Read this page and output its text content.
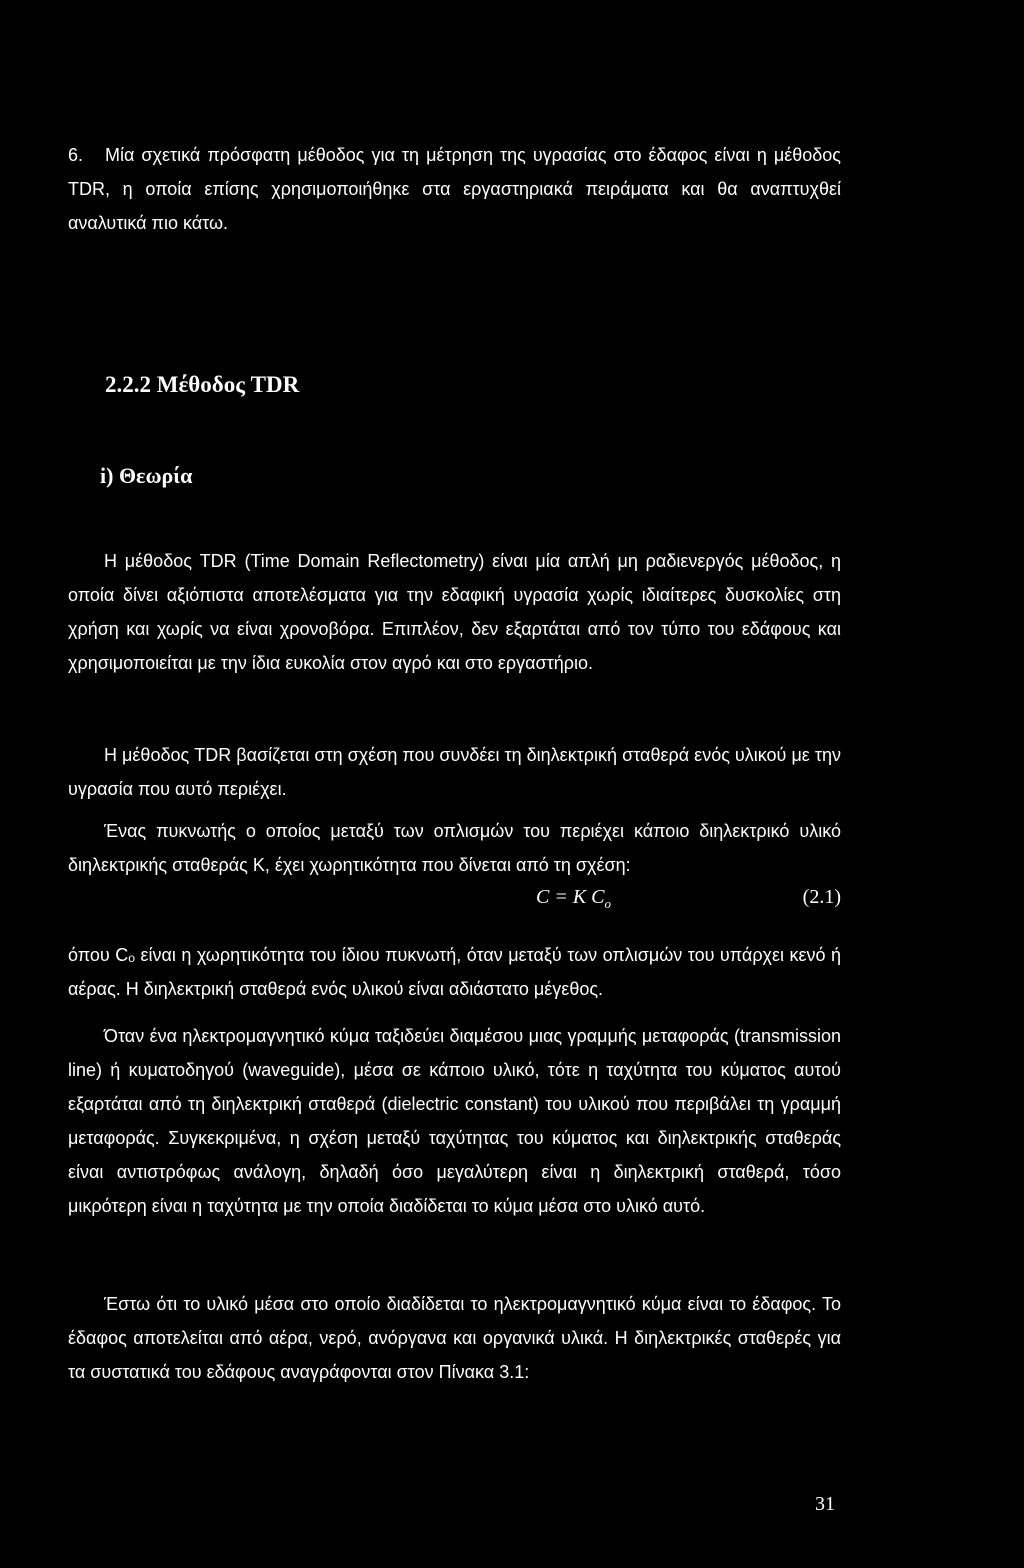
6. Μία σχετικά πρόσφατη μέθοδος για τη μέτρηση της υγρασίας στο έδαφος είναι η μέθοδος TDR, η οποία επίσης χρησιμοποιήθηκε στα εργαστηριακά πειράματα και θα αναπτυχθεί αναλυτικά πιο κάτω.

2.2.2 Μέθοδος TDR
i) Θεωρία

Η μέθοδος TDR (Time Domain Reflectometry) είναι μία απλή μη ραδιενεργός μέθοδος, η οποία δίνει αξιόπιστα αποτελέσματα για την εδαφική υγρασία χωρίς ιδιαίτερες δυσκολίες στη χρήση και χωρίς να είναι χρονοβόρα. Επιπλέον, δεν εξαρτάται από τον τύπο του εδάφους και χρησιμοποιείται με την ίδια ευκολία στον αγρό και στο εργαστήριο.

Η μέθοδος TDR βασίζεται στη σχέση που συνδέει τη διηλεκτρική σταθερά ενός υλικού με την υγρασία που αυτό περιέχει.

Ένας πυκνωτής ο οποίος μεταξύ των οπλισμών του περιέχει κάποιο διηλεκτρικό υλικό διηλεκτρικής σταθεράς K, έχει χωρητικότητα που δίνεται από τη σχέση:

C = K $C_o$	(2.1)

όπου Cₒ είναι η χωρητικότητα του ίδιου πυκνωτή, όταν μεταξύ των οπλισμών του υπάρχει κενό ή αέρας. Η διηλεκτρική σταθερά ενός υλικού είναι αδιάστατο μέγεθος.

Όταν ένα ηλεκτρομαγνητικό κύμα ταξιδεύει διαμέσου μιας γραμμής μεταφοράς (transmission line) ή κυματοδηγού (waveguide), μέσα σε κάποιο υλικό, τότε η ταχύτητα του κύματος αυτού εξαρτάται από τη διηλεκτρική σταθερά (dielectric constant) του υλικού που περιβάλει τη γραμμή μεταφοράς. Συγκεκριμένα, η σχέση μεταξύ ταχύτητας του κύματος και διηλεκτρικής σταθεράς είναι αντιστρόφως ανάλογη, δηλαδή όσο μεγαλύτερη είναι η διηλεκτρική σταθερά, τόσο μικρότερη είναι η ταχύτητα με την οποία διαδίδεται το κύμα μέσα στο υλικό αυτό.

Έστω ότι το υλικό μέσα στο οποίο διαδίδεται το ηλεκτρομαγνητικό κύμα είναι το έδαφος. Το έδαφος αποτελείται από αέρα, νερό, ανόργανα και οργανικά υλικά. Η διηλεκτρικές σταθερές για τα συστατικά του εδάφους αναγράφονται στον Πίνακα 3.1:

31
